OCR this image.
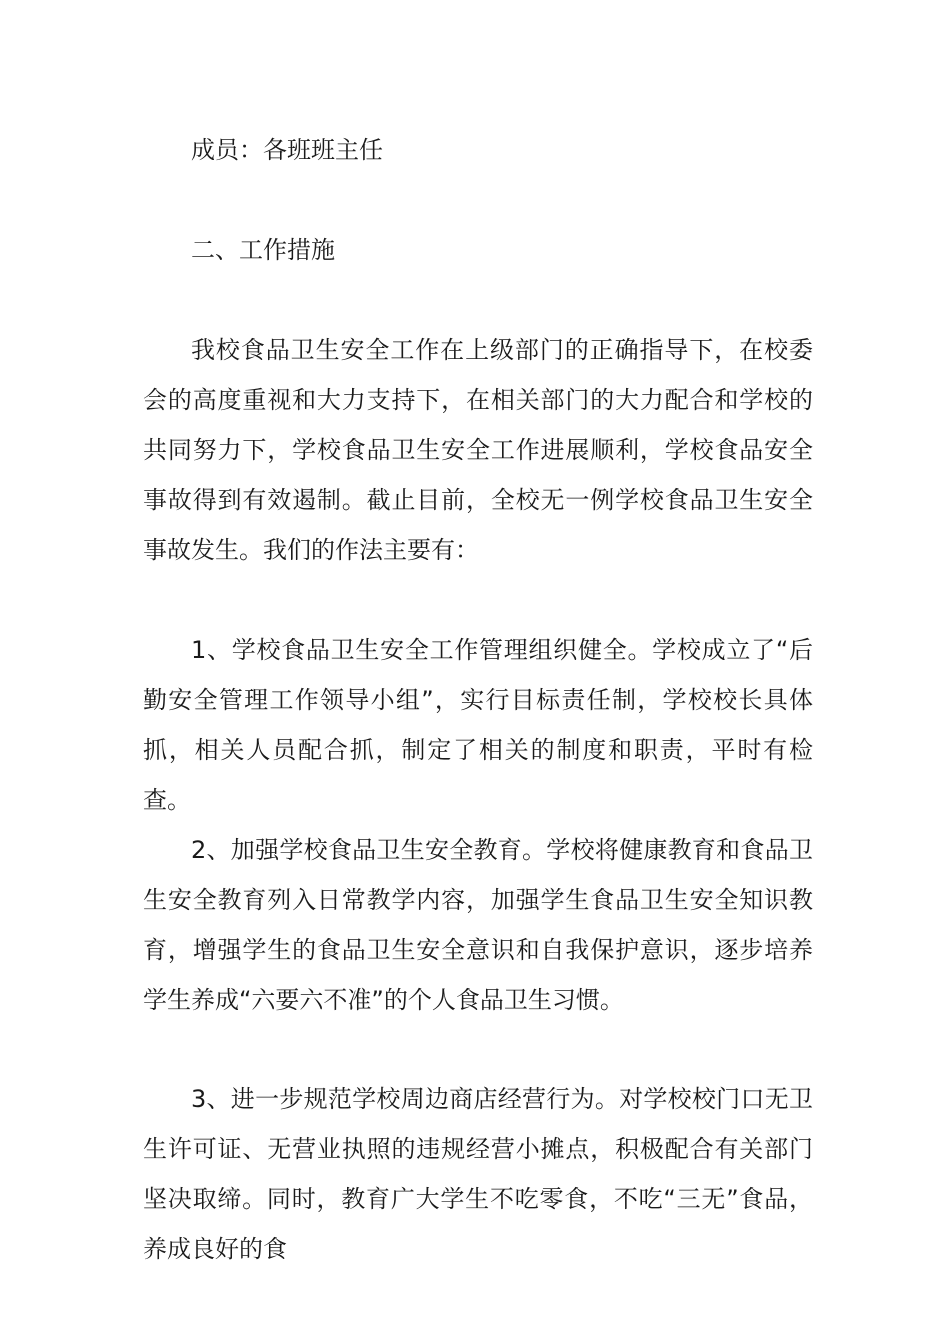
成员：各班班主任

二、工作措施

我校食品卫生安全工作在上级部门的正确指导下，在校委会的高度重视和大力支持下，在相关部门的大力配合和学校的共同努力下，学校食品卫生安全工作进展顺利，学校食品安全事故得到有效遏制。截止目前，全校无一例学校食品卫生安全事故发生。我们的作法主要有：

1、学校食品卫生安全工作管理组织健全。学校成立了“后勤安全管理工作领导小组”，实行目标责任制，学校校长具体抓，相关人员配合抓，制定了相关的制度和职责，平时有检查。

2、加强学校食品卫生安全教育。学校将健康教育和食品卫生安全教育列入日常教学内容，加强学生食品卫生安全知识教育，增强学生的食品卫生安全意识和自我保护意识，逐步培养学生养成“六要六不准”的个人食品卫生习惯。

3、进一步规范学校周边商店经营行为。对学校校门口无卫生许可证、无营业执照的违规经营小摊点，积极配合有关部门坚决取缔。同时，教育广大学生不吃零食，不吃“三无”食品，养成良好的食
